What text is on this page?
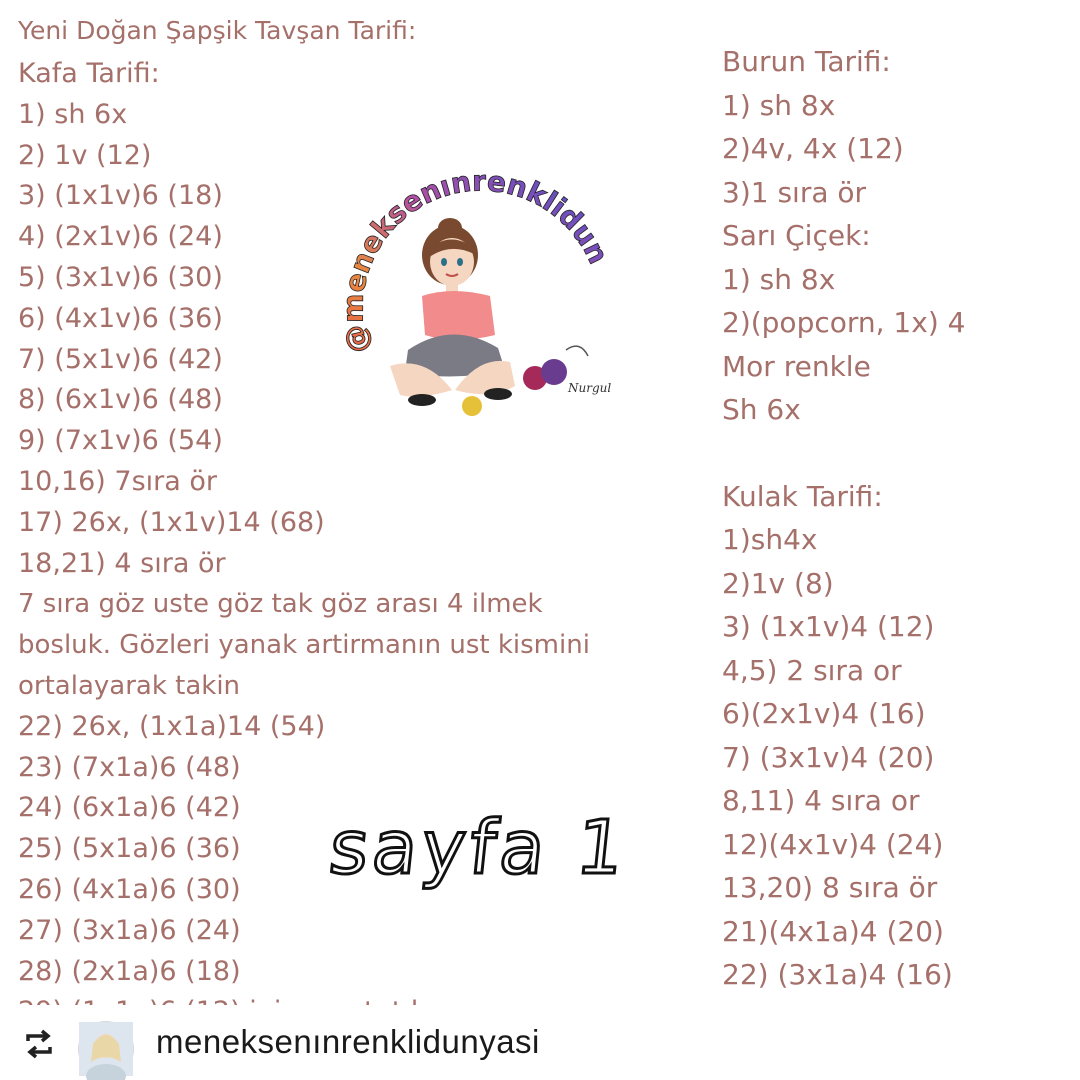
Yeni Doğan Şapşik Tavşan Tarifi:
Kafa Tarifi:
1) sh 6x
2) 1v (12)
3) (1x1v)6 (18)
4) (2x1v)6 (24)
5) (3x1v)6 (30)
6) (4x1v)6 (36)
7) (5x1v)6 (42)
8) (6x1v)6 (48)
9) (7x1v)6 (54)
10,16) 7sıra ör
17) 26x, (1x1v)14 (68)
18,21) 4 sıra ör
7 sıra göz uste göz tak göz arası 4 ilmek bosluk. Gözleri yanak artirmanın ust kismini ortalayarak takin
22) 26x, (1x1a)14 (54)
23) (7x1a)6 (48)
24) (6x1a)6 (42)
25) (5x1a)6 (36)
26) (4x1a)6 (30)
27) (3x1a)6 (24)
28) (2x1a)6 (18)
@meneksenınrenklidun
Nurgul
Burun Tarifi:
1) sh 8x
2)4v, 4x (12)
3)1 sıra ör
Sarı Çiçek:
1) sh 8x
2)(popcorn, 1x) 4
Mor renkle
Sh 6x
Kulak Tarifi:
1)sh4x
2)1v (8)
3) (1x1v)4 (12)
4,5) 2 sıra or
6)(2x1v)4 (16)
7) (3x1v)4 (20)
8,11) 4 sıra or
12)(4x1v)4 (24)
13,20) 8 sıra ör
21)(4x1a)4 (20)
22) (3x1a)4 (16)
sayfa 1
meneksenınrenklidunyasi
